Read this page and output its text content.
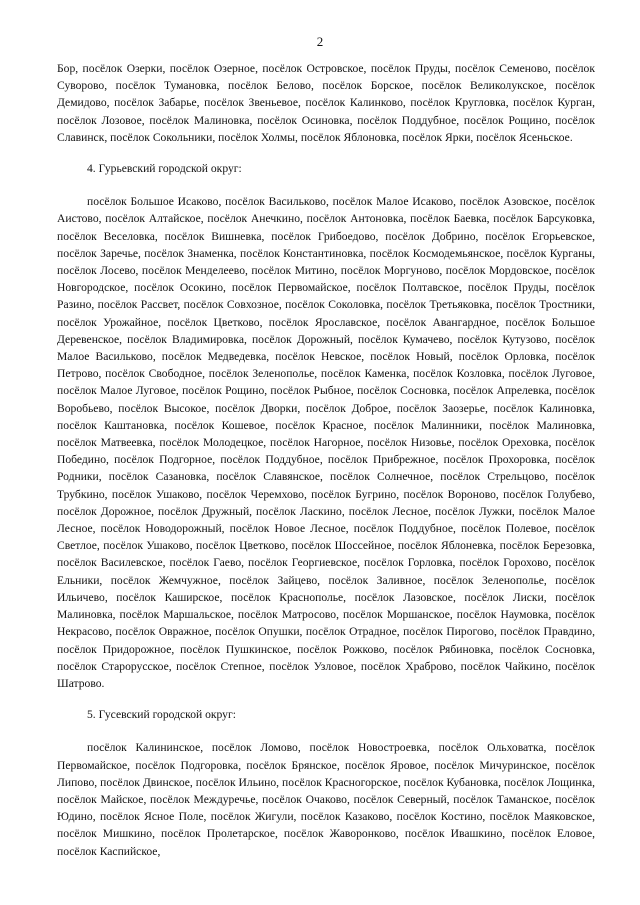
2

Бор, посёлок Озерки, посёлок Озерное, посёлок Островское, посёлок Пруды, посёлок Семеново, посёлок Суворово, посёлок Тумановка, посёлок Белово, посёлок Борское, посёлок Великолукское, посёлок Демидово, посёлок Забарье, посёлок Звеньевое, посёлок Калинково, посёлок Кругловка, посёлок Курган, посёлок Лозовое, посёлок Малиновка, посёлок Осиновка, посёлок Поддубное, посёлок Рощино, посёлок Славинск, посёлок Сокольники, посёлок Холмы, посёлок Яблоновка, посёлок Ярки, посёлок Ясеньское.

4. Гурьевский городской округ:

посёлок Большое Исаково, посёлок Васильково, посёлок Малое Исаково, посёлок Азовское, посёлок Аистово, посёлок Алтайское, посёлок Анечкино, посёлок Антоновка, посёлок Баевка, посёлок Барсуковка, посёлок Веселовка, посёлок Вишневка, посёлок Грибоедово, посёлок Добрино, посёлок Егорьевское, посёлок Заречье, посёлок Знаменка, посёлок Константиновка, посёлок Космодемьянское, посёлок Курганы, посёлок Лосево, посёлок Менделеево, посёлок Митино, посёлок Моргуново, посёлок Мордовское, посёлок Новгородское, посёлок Осокино, посёлок Первомайское, посёлок Полтавское, посёлок Пруды, посёлок Разино, посёлок Рассвет, посёлок Совхозное, посёлок Соколовка, посёлок Третьяковка, посёлок Тростники, посёлок Урожайное, посёлок Цветково, посёлок Ярославское, посёлок Авангардное, посёлок Большое Деревенское, посёлок Владимировка, посёлок Дорожный, посёлок Кумачево, посёлок Кутузово, посёлок Малое Васильково, посёлок Медведевка, посёлок Невское, посёлок Новый, посёлок Орловка, посёлок Петрово, посёлок Свободное, посёлок Зеленополье, посёлок Каменка, посёлок Козловка, посёлок Луговое, посёлок Малое Луговое, посёлок Рощино, посёлок Рыбное, посёлок Сосновка, посёлок Апрелевка, посёлок Воробьево, посёлок Высокое, посёлок Дворки, посёлок Доброе, посёлок Заозерье, посёлок Калиновка, посёлок Каштановка, посёлок Кошевое, посёлок Красное, посёлок Малинники, посёлок Малиновка, посёлок Матвеевка, посёлок Молодецкое, посёлок Нагорное, посёлок Низовье, посёлок Ореховка, посёлок Победино, посёлок Подгорное, посёлок Поддубное, посёлок Прибрежное, посёлок Прохоровка, посёлок Родники, посёлок Сазановка, посёлок Славянское, посёлок Солнечное, посёлок Стрельцово, посёлок Трубкино, посёлок Ушаково, посёлок Черемхово, посёлок Бугрино, посёлок Вороново, посёлок Голубево, посёлок Дорожное, посёлок Дружный, посёлок Ласкино, посёлок Лесное, посёлок Лужки, посёлок Малое Лесное, посёлок Новодорожный, посёлок Новое Лесное, посёлок Поддубное, посёлок Полевое, посёлок Светлое, посёлок Ушаково, посёлок Цветково, посёлок Шоссейное, посёлок Яблоневка, посёлок Березовка, посёлок Василевское, посёлок Гаево, посёлок Георгиевское, посёлок Горловка, посёлок Горохово, посёлок Ельники, посёлок Жемчужное, посёлок Зайцево, посёлок Заливное, посёлок Зеленополье, посёлок Ильичево, посёлок Каширское, посёлок Краснополье, посёлок Лазовское, посёлок Лиски, посёлок Малиновка, посёлок Маршальское, посёлок Матросово, посёлок Моршанское, посёлок Наумовка, посёлок Некрасово, посёлок Овражное, посёлок Опушки, посёлок Отрадное, посёлок Пирогово, посёлок Правдино, посёлок Придорожное, посёлок Пушкинское, посёлок Рожково, посёлок Рябиновка, посёлок Сосновка, посёлок Старорусское, посёлок Степное, посёлок Узловое, посёлок Храброво, посёлок Чайкино, посёлок Шатрово.

5. Гусевский городской округ:

посёлок Калининское, посёлок Ломово, посёлок Новостроевка, посёлок Ольховатка, посёлок Первомайское, посёлок Подгоровка, посёлок Брянское, посёлок Яровое, посёлок Мичуринское, посёлок Липово, посёлок Двинское, посёлок Ильино, посёлок Красногорское, посёлок Кубановка, посёлок Лощинка, посёлок Майское, посёлок Междуречье, посёлок Очаково, посёлок Северный, посёлок Таманское, посёлок Юдино, посёлок Ясное Поле, посёлок Жигули, посёлок Казаково, посёлок Костино, посёлок Маяковское, посёлок Мишкино, посёлок Пролетарское, посёлок Жаворонково, посёлок Ивашкино, посёлок Еловое, посёлок Каспийское,
